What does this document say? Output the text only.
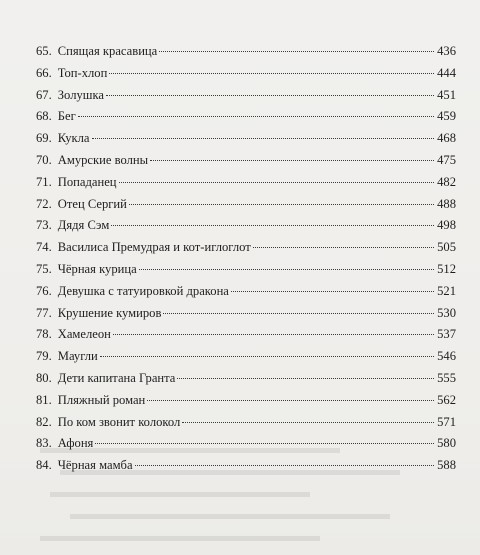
65. Спящая красавица	436
66. Топ-хлоп	444
67. Золушка	451
68. Бег	459
69. Кукла	468
70. Амурские волны	475
71. Попаданец	482
72. Отец Сергий	488
73. Дядя Сэм	498
74. Василиса Премудрая и кот-иглоглот	505
75. Чёрная курица	512
76. Девушка с татуировкой дракона	521
77. Крушение кумиров	530
78. Хамелеон	537
79. Маугли	546
80. Дети капитана Гранта	555
81. Пляжный роман	562
82. По ком звонит колокол	571
83. Афоня	580
84. Чёрная мамба	588
